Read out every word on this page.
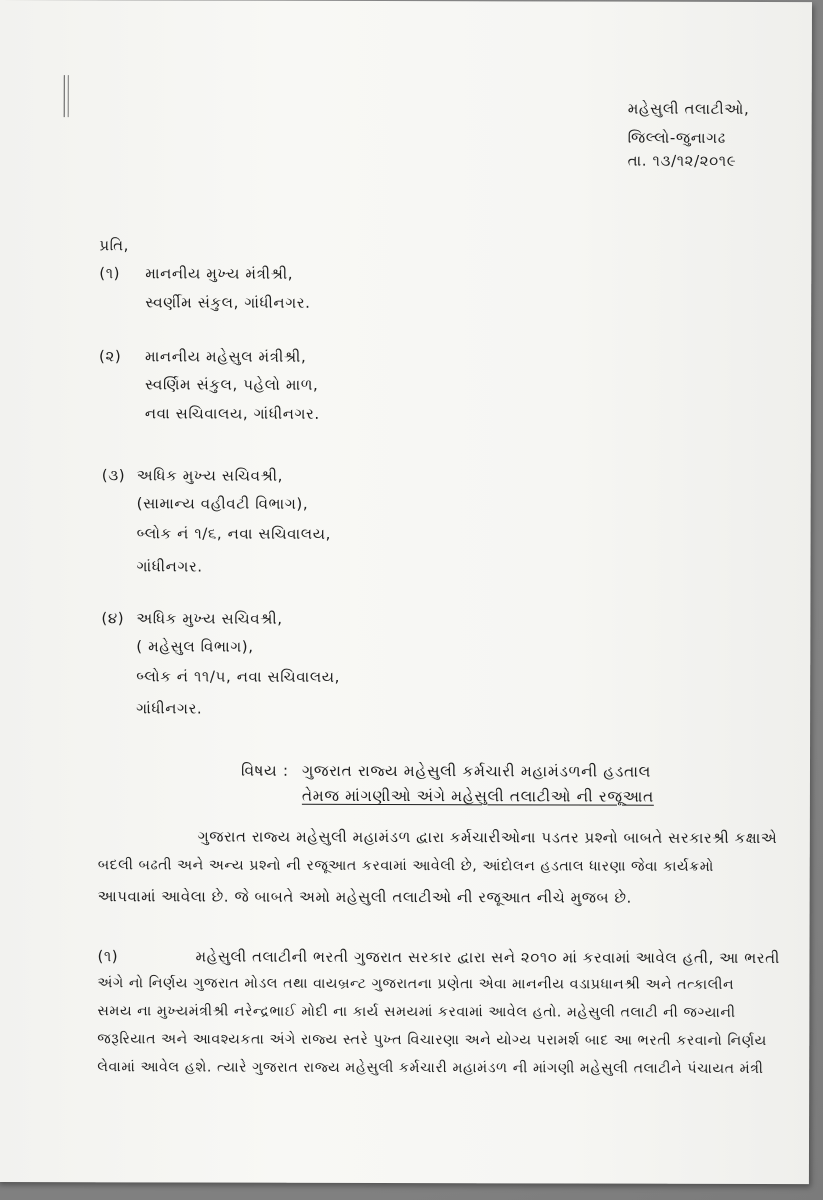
મહેસુલી તલાટીઓ,
જિલ્લો-જુનાગઢ
તા. ૧૩/૧૨/૨૦૧૯
પ્રતિ,
(૧) માનનીય મુખ્ય મંત્રીશ્રી,
સ્વર્ણીમ સંકુલ, ગાંધીનગર.
(૨) માનનીય મહેસુલ મંત્રીશ્રી,
સ્વર્ણિમ સંકુલ, પહેલો માળ,
નવા સચિવાલય, ગાંધીનગર.
(૩) અધિક મુખ્ય સચિવશ્રી,
(સામાન્ય વહીવટી વિભાગ),
બ્લોક નં ૧/૬, નવા સચિવાલય,
ગાંધીનગર.
(૪) અધિક મુખ્ય સચિવશ્રી,
( મહેસુલ વિભાગ),
બ્લોક નં ૧૧/૫, નવા સચિવાલય,
ગાંધીનગર.
વિષય : ગુજરાત રાજ્ય મહેસુલી કર્મચારી મહામંડળની હડતાલ
તેમજ માંગણીઓ અંગે મહેસુલી તલાટીઓ ની રજૂઆત
ગુજરાત રાજ્ય મહેસુલી મહામંડળ દ્વારા કર્મચારીઓના પડતર પ્રશ્નો બાબતે સરકારશ્રી કક્ષાએ
બદલી બઢતી અને અન્ય પ્રશ્નો ની રજૂઆત કરવામાં આવેલી છે, આંદોલન હડતાલ ધારણા જેવા કાર્યક્રમો
આપવામાં આવેલા છે. જે બાબતે અમો મહેસુલી તલાટીઓ ની રજૂઆત નીચે મુજબ છે.
(૧)	મહેસુલી તલાટીની ભરતી ગુજરાત સરકાર દ્વારા સને ૨૦૧૦ માં કરવામાં આવેલ હતી, આ ભરતી
અંગે નો નિર્ણય ગુજરાત મોડલ તથા વાયબ્રન્ટ ગુજરાતના પ્રણેતા એવા માનનીય વડાપ્રધાનશ્રી અને તત્કાલીન
સમય ના મુખ્યમંત્રીશ્રી નરેન્દ્રભાઈ મોદી ના કાર્ય સમયમાં કરવામાં આવેલ હતો. મહેસુલી તલાટી ની જગ્યાની
જરૂરિયાત અને આવશ્યકતા અંગે રાજ્ય સ્તરે પુખ્ત વિચારણા અને યોગ્ય પરામર્શ બાદ આ ભરતી કરવાનો નિર્ણય
લેવામાં આવેલ હશે. ત્યારે ગુજરાત રાજ્ય મહેસુલી કર્મચારી મહામંડળ ની માંગણી મહેસુલી તલાટીને પંચાયત મંત્રી
